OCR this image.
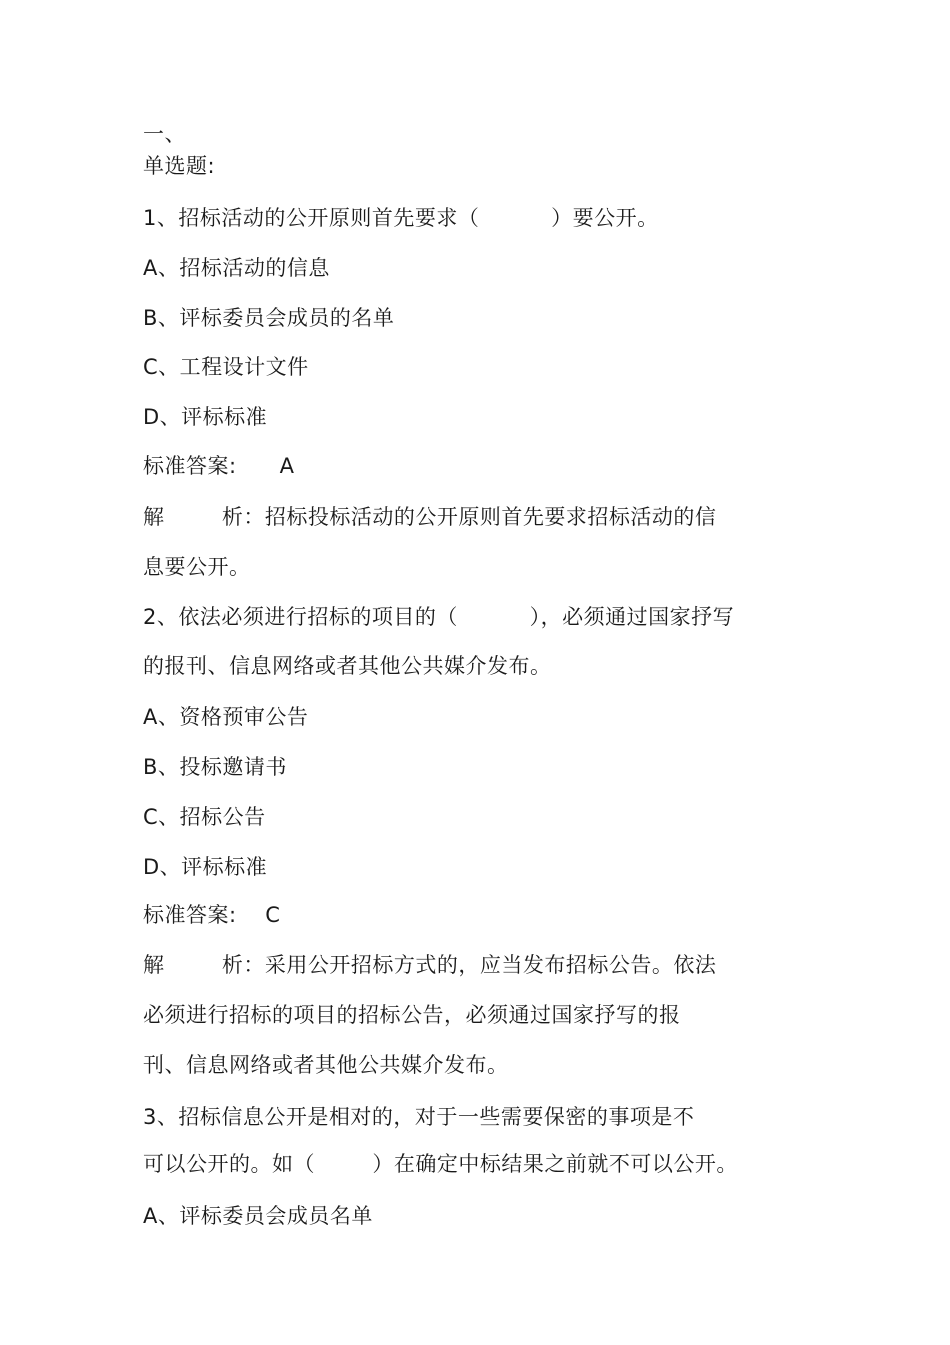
一、
单选题:
1、招标活动的公开原则首先要求（          ）要公开。
A、招标活动的信息
B、评标委员会成员的名单
C、工程设计文件
D、评标标准
标准答案:      A
解        析：招标投标活动的公开原则首先要求招标活动的信
息要公开。
2、依法必须进行招标的项目的（          ），必须通过国家抒写
的报刊、信息网络或者其他公共媒介发布。
A、资格预审公告
B、投标邀请书
C、招标公告
D、评标标准
标准答案:    C
解        析：采用公开招标方式的，应当发布招标公告。依法
必须进行招标的项目的招标公告，必须通过国家抒写的报
刊、信息网络或者其他公共媒介发布。
3、招标信息公开是相对的，对于一些需要保密的事项是不
可以公开的。如（        ）在确定中标结果之前就不可以公开。
A、评标委员会成员名单
